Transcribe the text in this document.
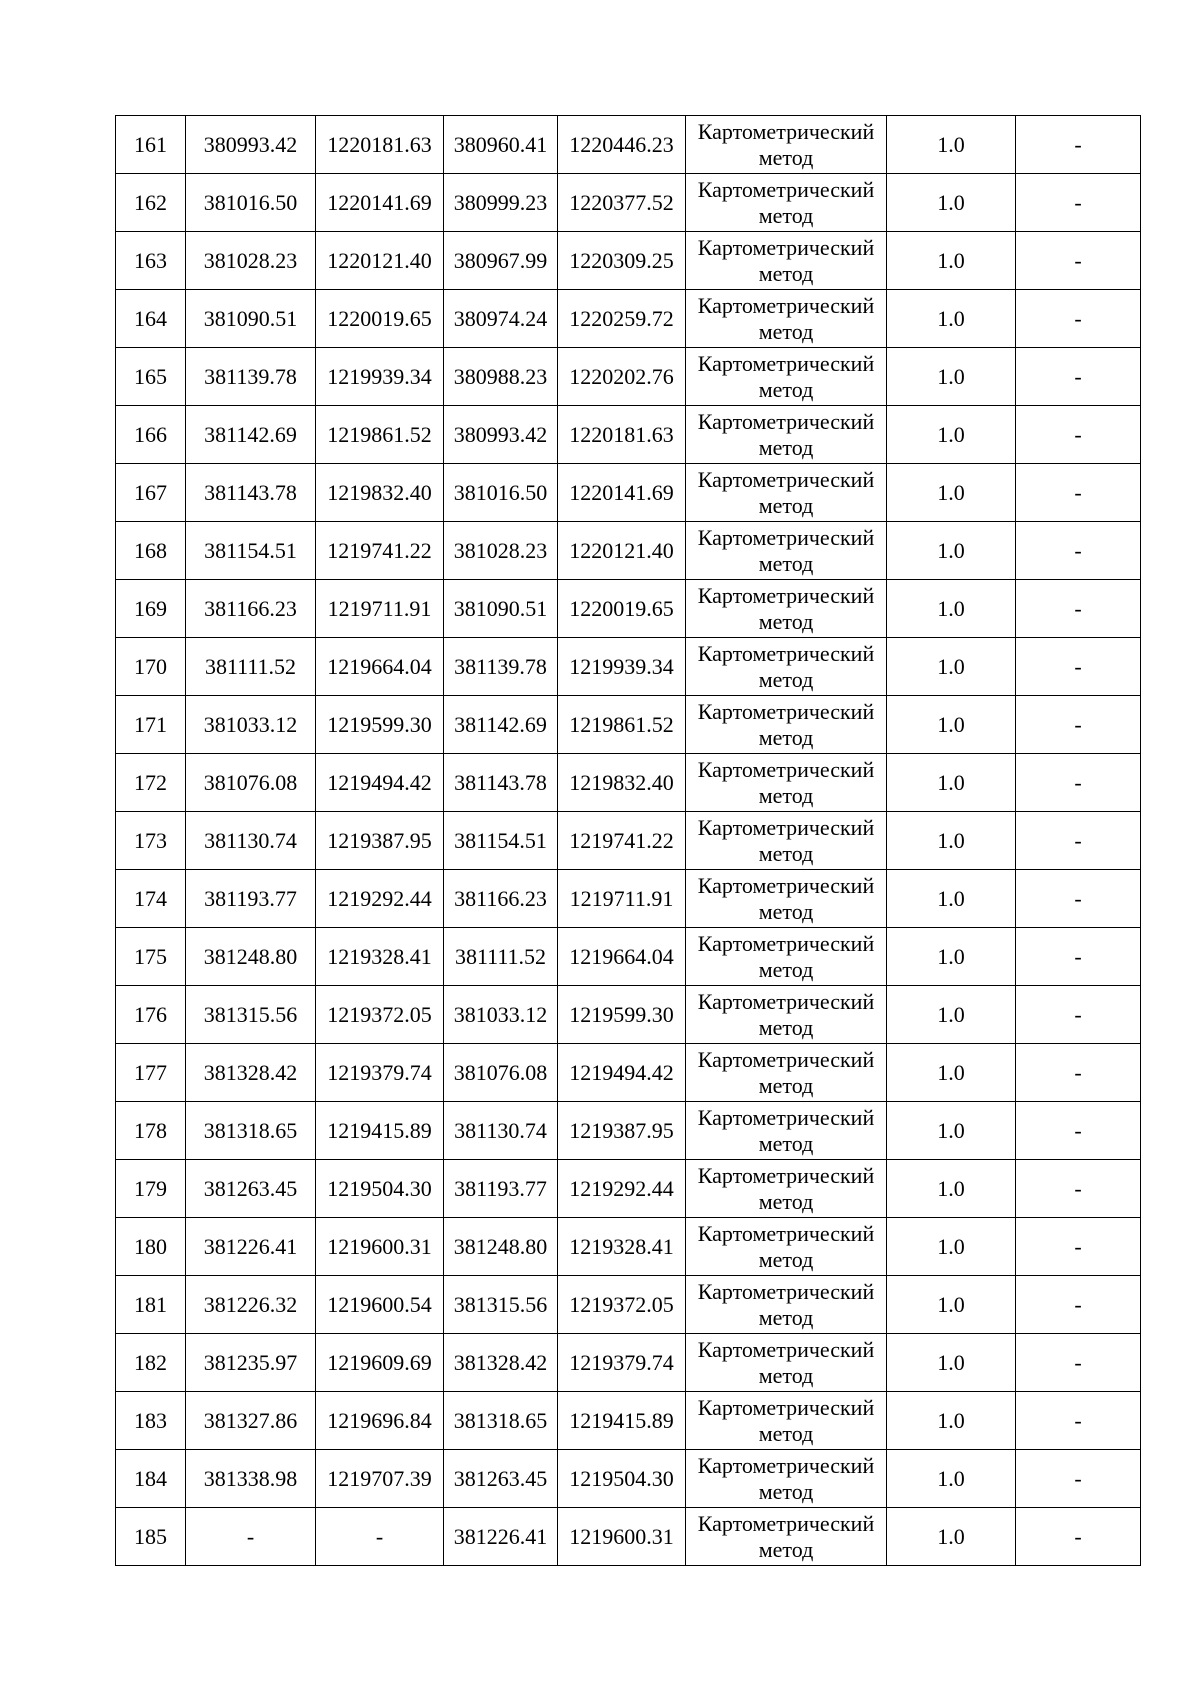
161	380993.42	1220181.63	380960.41	1220446.23	Картометрический метод	1.0	-
162	381016.50	1220141.69	380999.23	1220377.52	Картометрический метод	1.0	-
163	381028.23	1220121.40	380967.99	1220309.25	Картометрический метод	1.0	-
164	381090.51	1220019.65	380974.24	1220259.72	Картометрический метод	1.0	-
165	381139.78	1219939.34	380988.23	1220202.76	Картометрический метод	1.0	-
166	381142.69	1219861.52	380993.42	1220181.63	Картометрический метод	1.0	-
167	381143.78	1219832.40	381016.50	1220141.69	Картометрический метод	1.0	-
168	381154.51	1219741.22	381028.23	1220121.40	Картометрический метод	1.0	-
169	381166.23	1219711.91	381090.51	1220019.65	Картометрический метод	1.0	-
170	381111.52	1219664.04	381139.78	1219939.34	Картометрический метод	1.0	-
171	381033.12	1219599.30	381142.69	1219861.52	Картометрический метод	1.0	-
172	381076.08	1219494.42	381143.78	1219832.40	Картометрический метод	1.0	-
173	381130.74	1219387.95	381154.51	1219741.22	Картометрический метод	1.0	-
174	381193.77	1219292.44	381166.23	1219711.91	Картометрический метод	1.0	-
175	381248.80	1219328.41	381111.52	1219664.04	Картометрический метод	1.0	-
176	381315.56	1219372.05	381033.12	1219599.30	Картометрический метод	1.0	-
177	381328.42	1219379.74	381076.08	1219494.42	Картометрический метод	1.0	-
178	381318.65	1219415.89	381130.74	1219387.95	Картометрический метод	1.0	-
179	381263.45	1219504.30	381193.77	1219292.44	Картометрический метод	1.0	-
180	381226.41	1219600.31	381248.80	1219328.41	Картометрический метод	1.0	-
181	381226.32	1219600.54	381315.56	1219372.05	Картометрический метод	1.0	-
182	381235.97	1219609.69	381328.42	1219379.74	Картометрический метод	1.0	-
183	381327.86	1219696.84	381318.65	1219415.89	Картометрический метод	1.0	-
184	381338.98	1219707.39	381263.45	1219504.30	Картометрический метод	1.0	-
185	-	-	381226.41	1219600.31	Картометрический метод	1.0	-
